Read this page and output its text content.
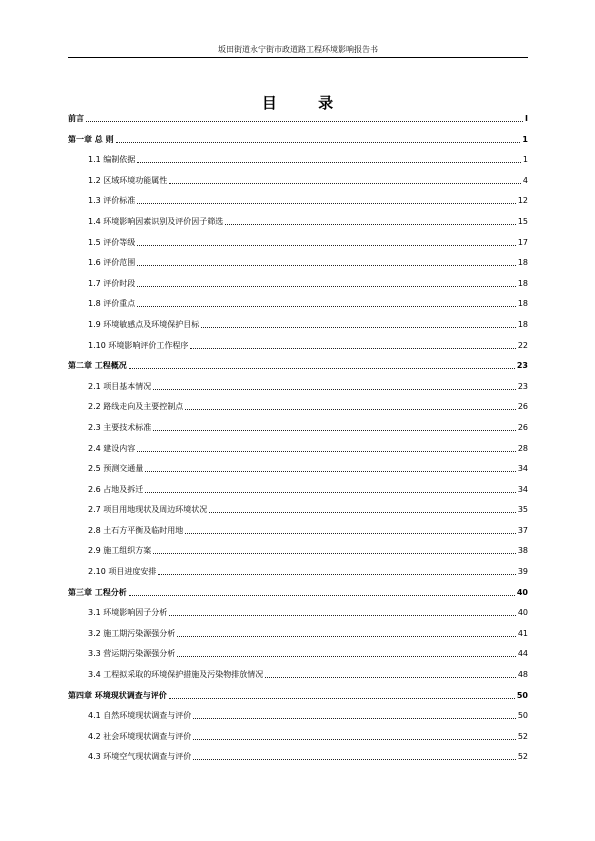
坂田街道永宁街市政道路工程环境影响报告书
目 录
前言	I
第一章 总 则	1
1.1 编制依据	1
1.2 区域环境功能属性	4
1.3 评价标准	12
1.4 环境影响因素识别及评价因子筛选	15
1.5 评价等级	17
1.6 评价范围	18
1.7 评价时段	18
1.8 评价重点	18
1.9 环境敏感点及环境保护目标	18
1.10 环境影响评价工作程序	22
第二章 工程概况	23
2.1 项目基本情况	23
2.2 路线走向及主要控制点	26
2.3 主要技术标准	26
2.4 建设内容	28
2.5 预测交通量	34
2.6 占地及拆迁	34
2.7 项目用地现状及周边环境状况	35
2.8 土石方平衡及临时用地	37
2.9 施工组织方案	38
2.10 项目进度安排	39
第三章 工程分析	40
3.1 环境影响因子分析	40
3.2 施工期污染源强分析	41
3.3 营运期污染源强分析	44
3.4 工程拟采取的环境保护措施及污染物排放情况	48
第四章 环境现状调查与评价	50
4.1 自然环境现状调查与评价	50
4.2 社会环境现状调查与评价	52
4.3 环境空气现状调查与评价	52
